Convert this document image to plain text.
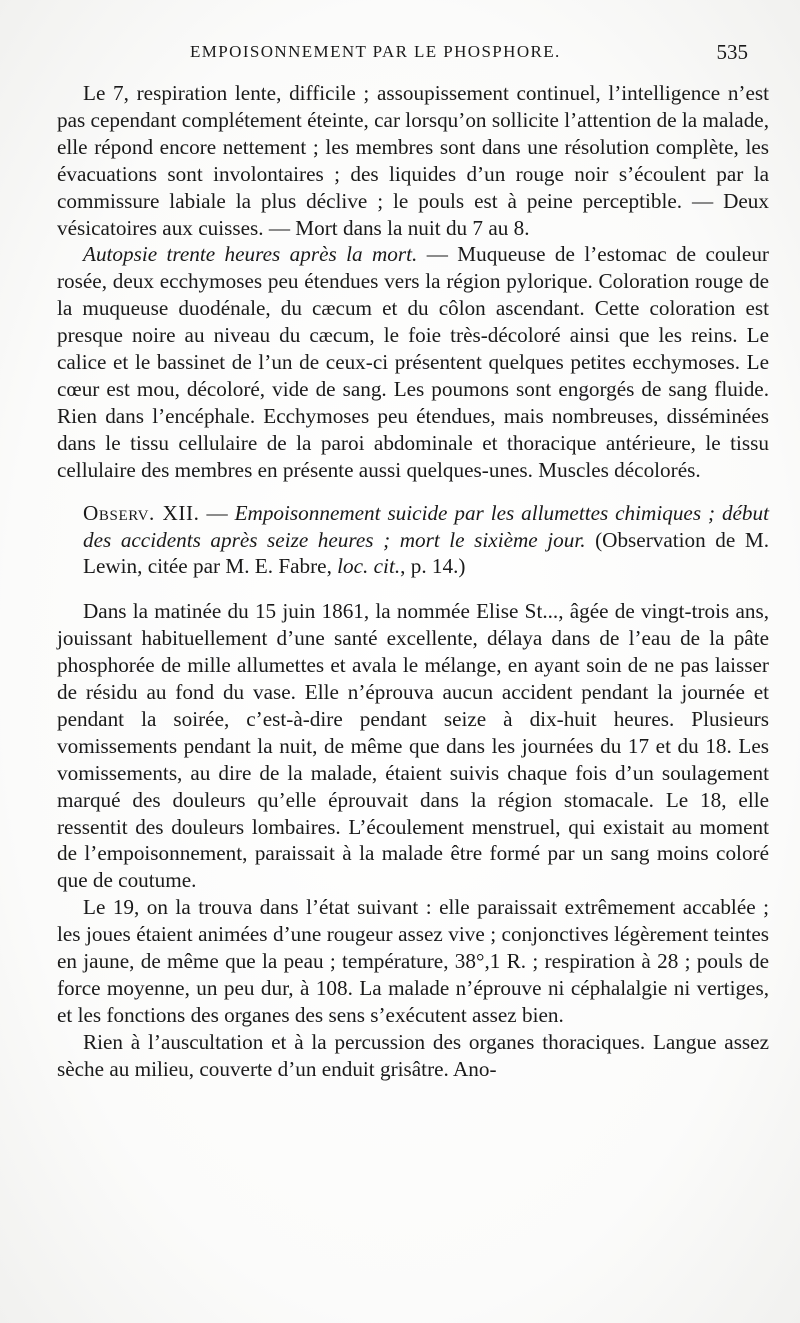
EMPOISONNEMENT PAR LE PHOSPHORE.	535

Le 7, respiration lente, difficile ; assoupissement continuel, l’intelligence n’est pas cependant complétement éteinte, car lorsqu’on sollicite l’attention de la malade, elle répond encore nettement ; les membres sont dans une résolution complète, les évacuations sont involontaires ; des liquides d’un rouge noir s’écoulent par la commissure labiale la plus déclive ; le pouls est à peine perceptible. — Deux vésicatoires aux cuisses. — Mort dans la nuit du 7 au 8.

Autopsie trente heures après la mort. — Muqueuse de l’estomac de couleur rosée, deux ecchymoses peu étendues vers la région pylorique. Coloration rouge de la muqueuse duodénale, du cæcum et du côlon ascendant. Cette coloration est presque noire au niveau du cæcum, le foie très-décoloré ainsi que les reins. Le calice et le bassinet de l’un de ceux-ci présentent quelques petites ecchymoses. Le cœur est mou, décoloré, vide de sang. Les poumons sont engorgés de sang fluide. Rien dans l’encéphale. Ecchymoses peu étendues, mais nombreuses, disséminées dans le tissu cellulaire de la paroi abdominale et thoracique antérieure, le tissu cellulaire des membres en présente aussi quelques-unes. Muscles décolorés.

Observ. XII. — Empoisonnement suicide par les allumettes chimiques ; début des accidents après seize heures ; mort le sixième jour. (Observation de M. Lewin, citée par M. E. Fabre, loc. cit., p. 14.)

Dans la matinée du 15 juin 1861, la nommée Elise St..., âgée de vingt-trois ans, jouissant habituellement d’une santé excellente, délaya dans de l’eau de la pâte phosphorée de mille allumettes et avala le mélange, en ayant soin de ne pas laisser de résidu au fond du vase. Elle n’éprouva aucun accident pendant la journée et pendant la soirée, c’est-à-dire pendant seize à dix-huit heures. Plusieurs vomissements pendant la nuit, de même que dans les journées du 17 et du 18. Les vomissements, au dire de la malade, étaient suivis chaque fois d’un soulagement marqué des douleurs qu’elle éprouvait dans la région stomacale. Le 18, elle ressentit des douleurs lombaires. L’écoulement menstruel, qui existait au moment de l’empoisonnement, paraissait à la malade être formé par un sang moins coloré que de coutume.

Le 19, on la trouva dans l’état suivant : elle paraissait extrêmement accablée ; les joues étaient animées d’une rougeur assez vive ; conjonctives légèrement teintes en jaune, de même que la peau ; température, 38°,1 R. ; respiration à 28 ; pouls de force moyenne, un peu dur, à 108. La malade n’éprouve ni céphalalgie ni vertiges, et les fonctions des organes des sens s’exécutent assez bien.

Rien à l’auscultation et à la percussion des organes thoraciques. Langue assez sèche au milieu, couverte d’un enduit grisâtre. Ano-
